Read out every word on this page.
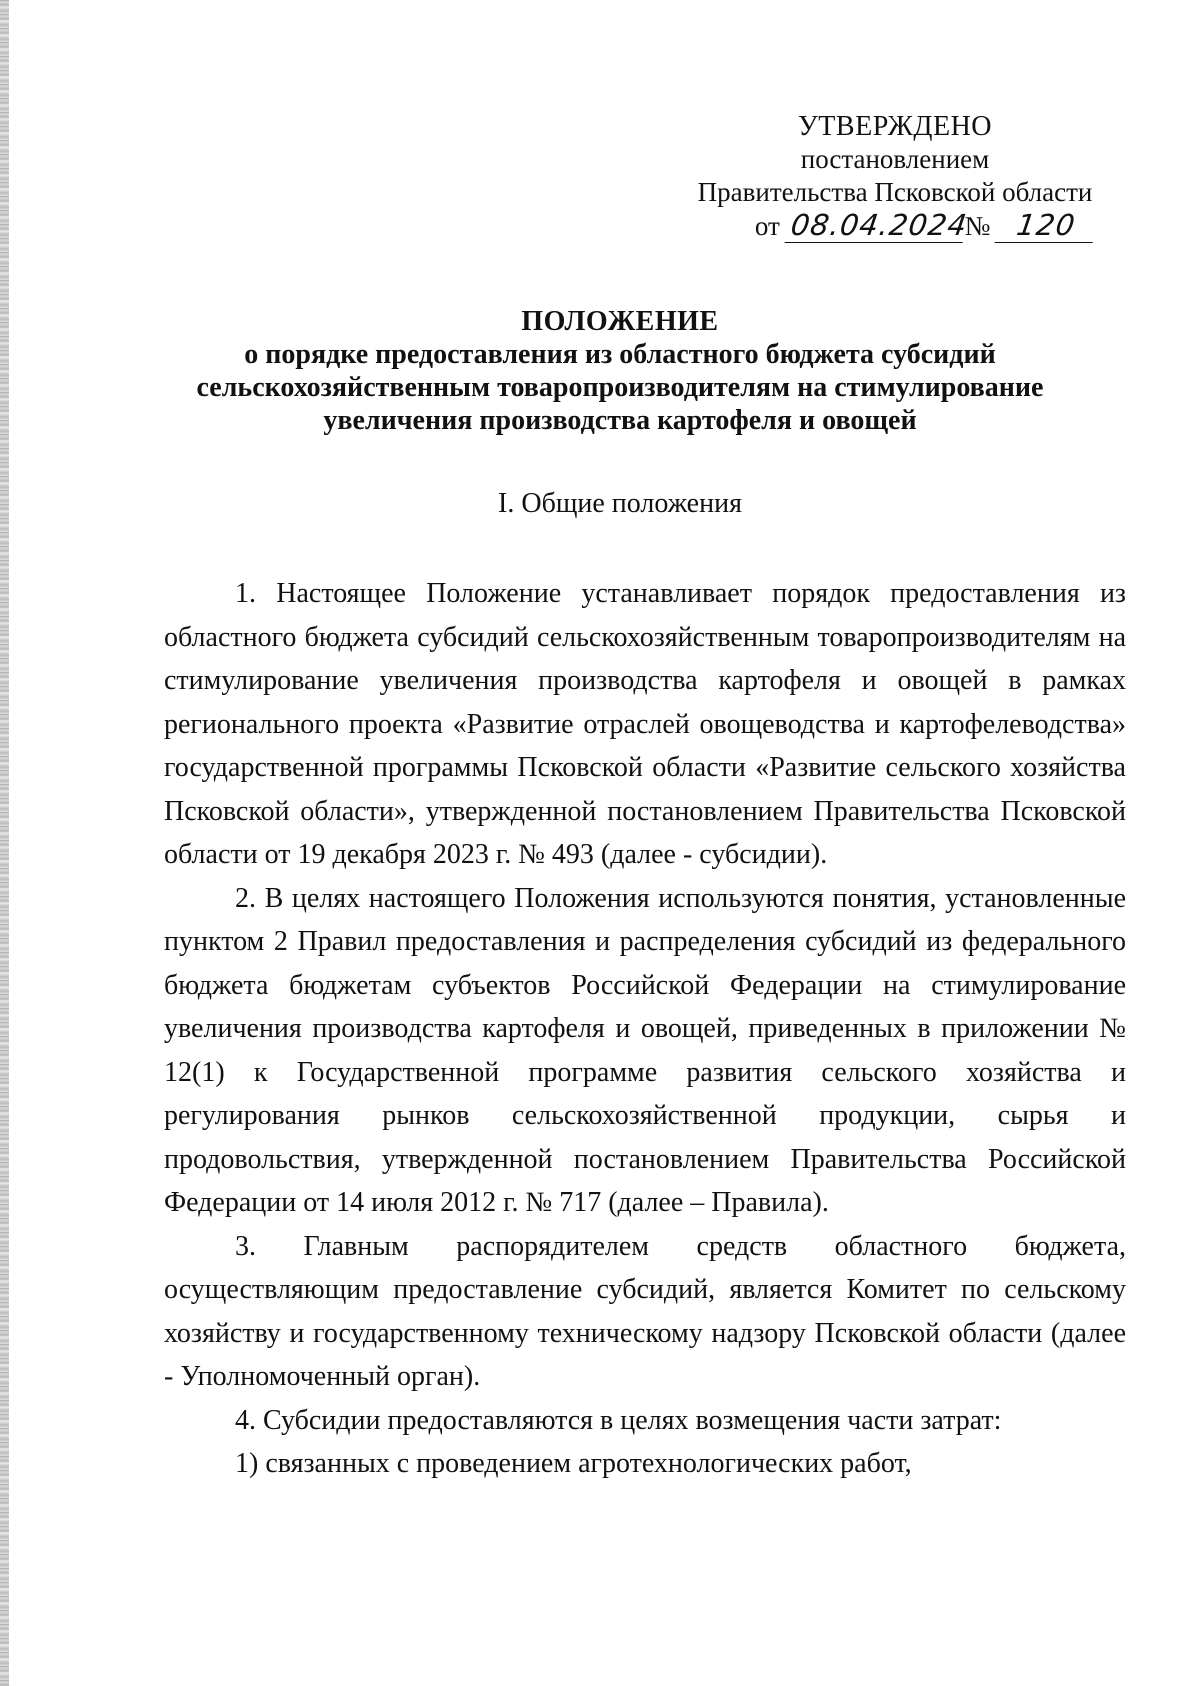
УТВЕРЖДЕНО
постановлением
Правительства Псковской области
от 08.04.2024№ 120
ПОЛОЖЕНИЕ
о порядке предоставления из областного бюджета субсидий
сельскохозяйственным товаропроизводителям на стимулирование
увеличения производства картофеля и овощей
I. Общие положения

1. Настоящее Положение устанавливает порядок предоставления из областного бюджета субсидий сельскохозяйственным товаропроизводителям на стимулирование увеличения производства картофеля и овощей в рамках регионального проекта «Развитие отраслей овощеводства и картофелеводства» государственной программы Псковской области «Развитие сельского хозяйства Псковской области», утвержденной постановлением Правительства Псковской области от 19 декабря 2023 г. № 493 (далее - субсидии).

2. В целях настоящего Положения используются понятия, установленные пунктом 2 Правил предоставления и распределения субсидий из федерального бюджета бюджетам субъектов Российской Федерации на стимулирование увеличения производства картофеля и овощей, приведенных в приложении № 12(1) к Государственной программе развития сельского хозяйства и регулирования рынков сельскохозяйственной продукции, сырья и продовольствия, утвержденной постановлением Правительства Российской Федерации от 14 июля 2012 г. № 717 (далее – Правила).

3. Главным распорядителем средств областного бюджета, осуществляющим предоставление субсидий, является Комитет по сельскому хозяйству и государственному техническому надзору Псковской области (далее - Уполномоченный орган).

4. Субсидии предоставляются в целях возмещения части затрат:

1) связанных с проведением агротехнологических работ,
